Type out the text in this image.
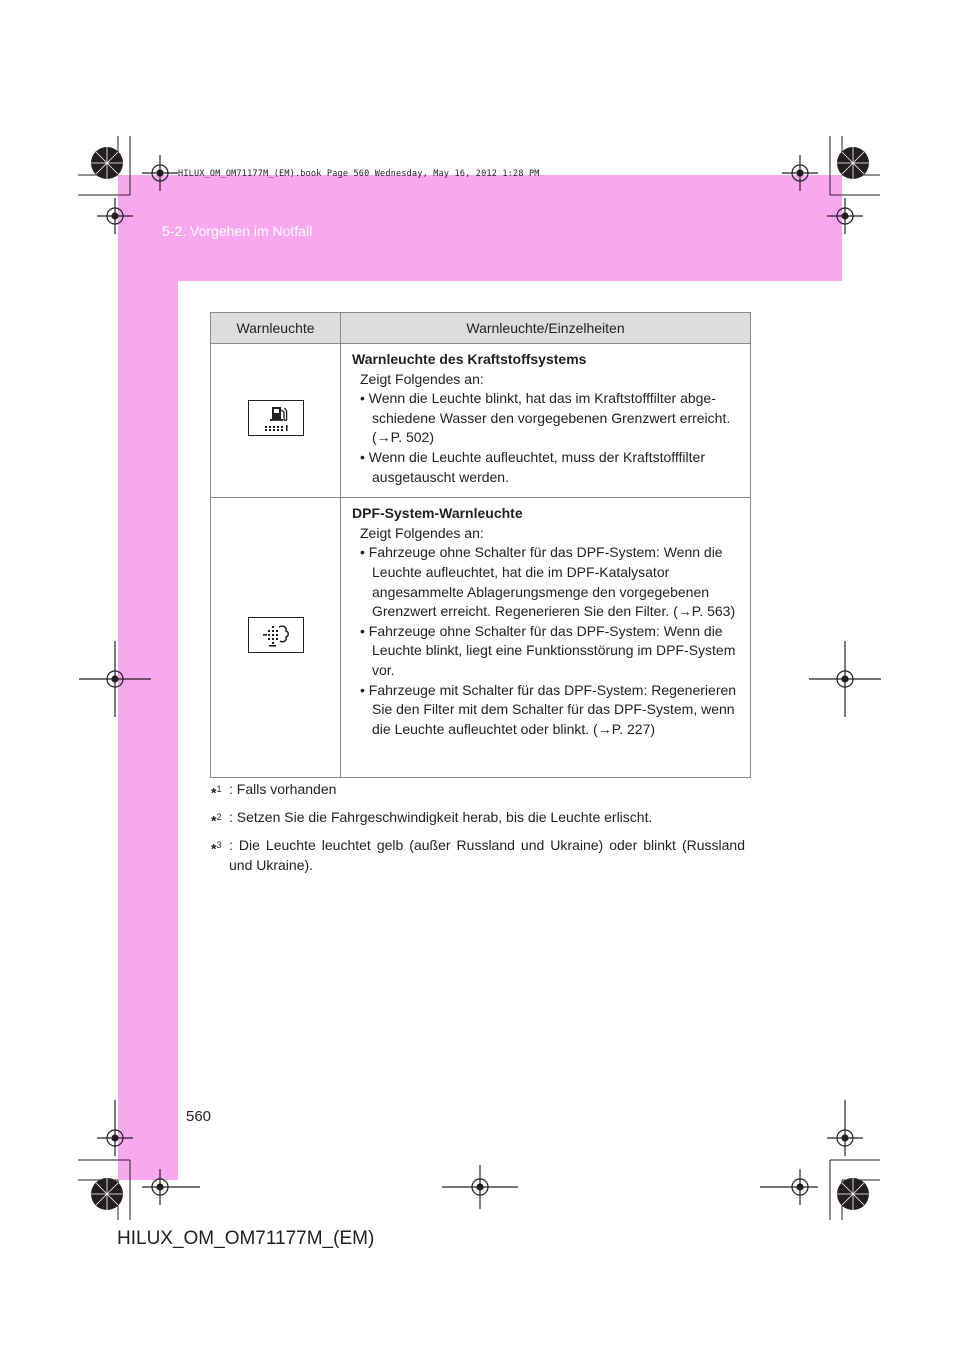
HILUX_OM_OM71177M_(EM).book Page 560 Wednesday, May 16, 2012 1:28 PM
5-2. Vorgehen im Notfall
Warnleuchte	Warnleuchte/Einzelheiten

Warnleuchte des Kraftstoffsystems
Zeigt Folgendes an:
• Wenn die Leuchte blinkt, hat das im Kraftstofffilter abgeschiedene Wasser den vorgegebenen Grenzwert erreicht. (→P. 502)
• Wenn die Leuchte aufleuchtet, muss der Kraftstofffilter ausgetauscht werden.

DPF-System-Warnleuchte
Zeigt Folgendes an:
• Fahrzeuge ohne Schalter für das DPF-System: Wenn die Leuchte aufleuchtet, hat die im DPF-Katalysator angesammelte Ablagerungsmenge den vorgegebenen Grenzwert erreicht. Regenerieren Sie den Filter. (→P. 563)
• Fahrzeuge ohne Schalter für das DPF-System: Wenn die Leuchte blinkt, liegt eine Funktionsstörung im DPF-System vor.
• Fahrzeuge mit Schalter für das DPF-System: Regenerieren Sie den Filter mit dem Schalter für das DPF-System, wenn die Leuchte aufleuchtet oder blinkt. (→P. 227)
*$^1$ : Falls vorhanden
*$^2$ : Setzen Sie die Fahrgeschwindigkeit herab, bis die Leuchte erlischt.
*$^3$ : Die Leuchte leuchtet gelb (außer Russland und Ukraine) oder blinkt (Russland und Ukraine).
560
HILUX_OM_OM71177M_(EM)
